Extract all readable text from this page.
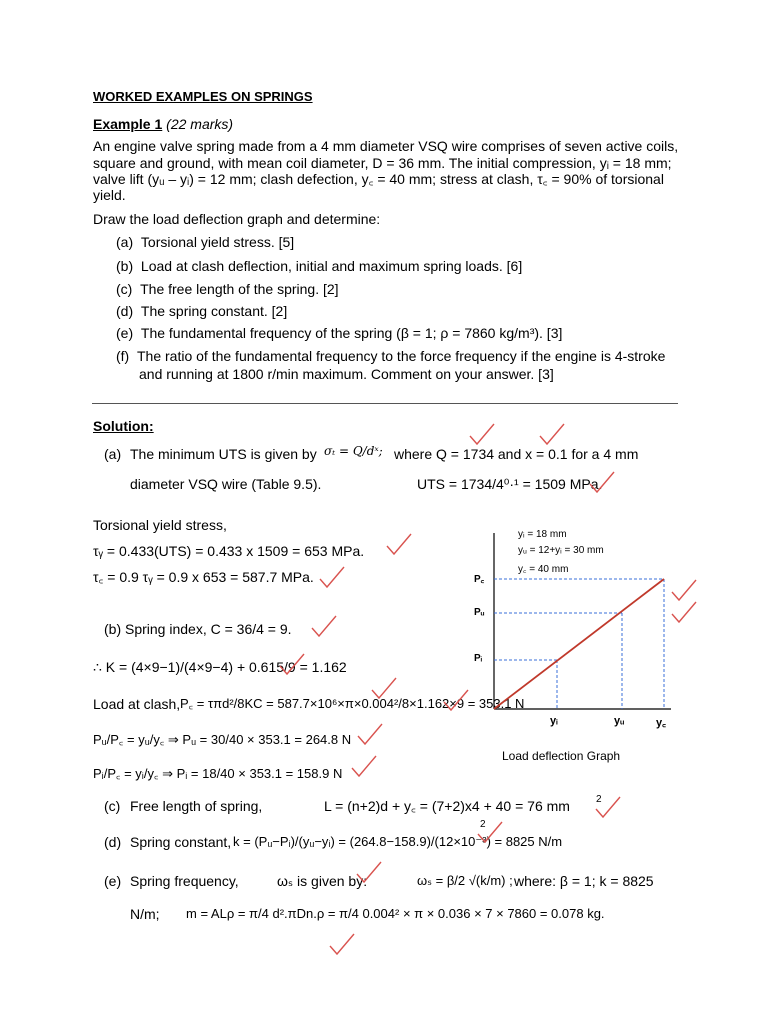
WORKED EXAMPLES ON SPRINGS
Example 1 (22 marks)
An engine valve spring made from a 4 mm diameter VSQ wire comprises of seven active coils,
square and ground, with mean coil diameter, D = 36 mm. The initial compression, yᵢ = 18 mm;
valve lift (yᵤ – yᵢ) = 12 mm; clash defection, y꜀ = 40 mm; stress at clash, τ꜀ = 90% of torsional
yield.
Draw the load deflection graph and determine:
(a) Torsional yield stress. [5]
(b) Load at clash deflection, initial and maximum spring loads. [6]
(c) The free length of the spring. [2]
(d) The spring constant. [2]
(e) The fundamental frequency of the spring (β = 1; ρ = 7860 kg/m³). [3]
(f) The ratio of the fundamental frequency to the force frequency if the engine is 4-stroke
and running at 1800 r/min maximum. Comment on your answer. [3]
Solution:
(a) The minimum UTS is given by σₜ = Q/dˣ; where Q = 1734 and x = 0.1 for a 4 mm
diameter VSQ wire (Table 9.5).	UTS = 1734/4⁰·¹ = 1509 MPa.
Torsional yield stress,
τᵧ = 0.433(UTS) = 0.433 x 1509 = 653 MPa.
τ꜀ = 0.9 τᵧ = 0.9 x 653 = 587.7 MPa.
(b) Spring index, C = 36/4 = 9.
∴ K = (4×9−1)/(4×9−4) + 0.615/9 = 1.162
Load at clash, P꜀ = τπd²/8KC = 587.7×10⁶×π×0.004²/8×1.162×9 = 353.1 N
Pᵤ/P꜀ = yᵤ/y꜀ ⇒ Pᵤ = 30/40 × 353.1 = 264.8 N
Pᵢ/P꜀ = yᵢ/y꜀ ⇒ Pᵢ = 18/40 × 353.1 = 158.9 N
(c) Free length of spring,	L = (n+2)d + y꜀ = (7+2)x4 + 40 = 76 mm
(d) Spring constant, k = (Pᵤ−Pᵢ)/(yᵤ−yᵢ) = (264.8−158.9)/(12×10⁻³) = 8825 N/m
(e) Spring frequency,	ωₛ is given by:	ωₛ = β/2 √(k/m) ; where: β = 1; k = 8825
N/m; m = ALρ = π/4 d².πDn.ρ = π/4 0.004² × π × 0.036 × 7 × 7860 = 0.078 kg.
yᵢ = 18 mm
yᵤ = 12+yᵢ = 30 mm
y꜀ = 40 mm
P꜀
Pᵤ
Pᵢ
yᵢ	yᵤ	y꜀
Load deflection Graph
2
2
